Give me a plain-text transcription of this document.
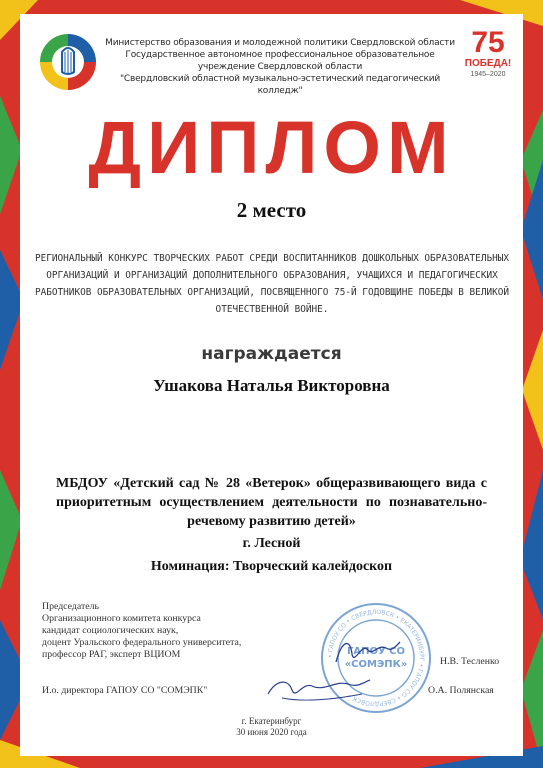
Министерство образования и молодежной политики Свердловской области
Государственное автономное профессиональное образовательное учреждение Свердловской области
"Свердловский областной музыкально-эстетический педагогический колледж"
75
ПОБЕДА!
1945–2020
ДИПЛОМ
2 место
РЕГИОНАЛЬНЫЙ КОНКУРС ТВОРЧЕСКИХ РАБОТ СРЕДИ ВОСПИТАННИКОВ ДОШКОЛЬНЫХ ОБРАЗОВАТЕЛЬНЫХ ОРГАНИЗАЦИЙ И ОРГАНИЗАЦИЙ ДОПОЛНИТЕЛЬНОГО ОБРАЗОВАНИЯ, УЧАЩИХСЯ И ПЕДАГОГИЧЕСКИХ РАБОТНИКОВ ОБРАЗОВАТЕЛЬНЫХ ОРГАНИЗАЦИЙ, ПОСВЯЩЕННОГО 75-Й ГОДОВЩИНЕ ПОБЕДЫ В ВЕЛИКОЙ ОТЕЧЕСТВЕННОЙ ВОЙНЕ.
награждается
Ушакова Наталья Викторовна
МБДОУ «Детский сад № 28 «Ветерок» общеразвивающего вида с приоритетным осуществлением деятельности по познавательно-речевому развитию детей»
г. Лесной
Номинация: Творческий калейдоскоп
Председатель
Организационного комитета конкурса
кандидат социологических наук,
доцент Уральского федерального университета,
профессор РАГ, эксперт ВЦИОМ
Н.В. Тесленко
И.о. директора ГАПОУ СО "СОМЭПК"	О.А. Полянская
• ГАПОУ СО • СВЕРДЛОВСК • ЕКАТЕРИНБУРГ • ГАПОУ СО • СВЕРДЛОВСК •
ГАПОУ СО
«СОМЭПК»
г. Екатеринбург
30 июня 2020 года
